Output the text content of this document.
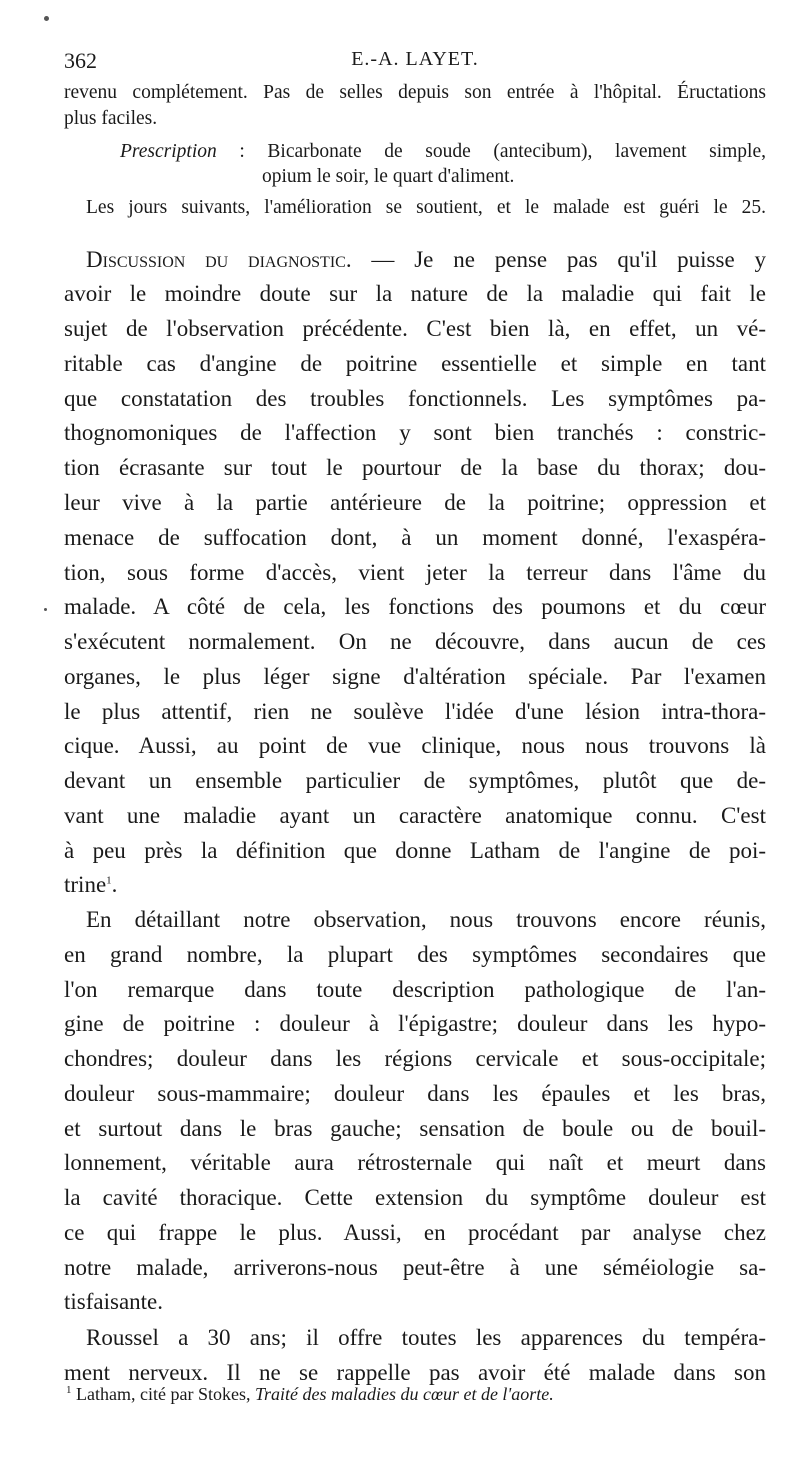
362	E.-A. LAYET.
revenu complétement. Pas de selles depuis son entrée à l'hôpital. Éructations
plus faciles.
Prescription : Bicarbonate de soude (antecibum), lavement simple,
opium le soir, le quart d'aliment.
Les jours suivants, l'amélioration se soutient, et le malade est guéri le 25.
Discussion du diagnostic. — Je ne pense pas qu'il puisse y
avoir le moindre doute sur la nature de la maladie qui fait le
sujet de l'observation précédente. C'est bien là, en effet, un vé-
ritable cas d'angine de poitrine essentielle et simple en tant
que constatation des troubles fonctionnels. Les symptômes pa-
thognomoniques de l'affection y sont bien tranchés : constric-
tion écrasante sur tout le pourtour de la base du thorax; dou-
leur vive à la partie antérieure de la poitrine; oppression et
menace de suffocation dont, à un moment donné, l'exaspéra-
tion, sous forme d'accès, vient jeter la terreur dans l'âme du
malade. A côté de cela, les fonctions des poumons et du cœur
s'exécutent normalement. On ne découvre, dans aucun de ces
organes, le plus léger signe d'altération spéciale. Par l'examen
le plus attentif, rien ne soulève l'idée d'une lésion intra-thora-
cique. Aussi, au point de vue clinique, nous nous trouvons là
devant un ensemble particulier de symptômes, plutôt que de-
vant une maladie ayant un caractère anatomique connu. C'est
à peu près la définition que donne Latham de l'angine de poi-
trine$^1$.
En détaillant notre observation, nous trouvons encore réunis,
en grand nombre, la plupart des symptômes secondaires que
l'on remarque dans toute description pathologique de l'an-
gine de poitrine : douleur à l'épigastre; douleur dans les hypo-
chondres; douleur dans les régions cervicale et sous-occipitale;
douleur sous-mammaire; douleur dans les épaules et les bras,
et surtout dans le bras gauche; sensation de boule ou de bouil-
lonnement, véritable aura rétrosternale qui naît et meurt dans
la cavité thoracique. Cette extension du symptôme douleur est
ce qui frappe le plus. Aussi, en procédant par analyse chez
notre malade, arriverons-nous peut-être à une séméiologie sa-
tisfaisante.
Roussel a 30 ans; il offre toutes les apparences du tempéra-
ment nerveux. Il ne se rappelle pas avoir été malade dans son
$^1$ Latham, cité par Stokes, Traité des maladies du cœur et de l'aorte.
